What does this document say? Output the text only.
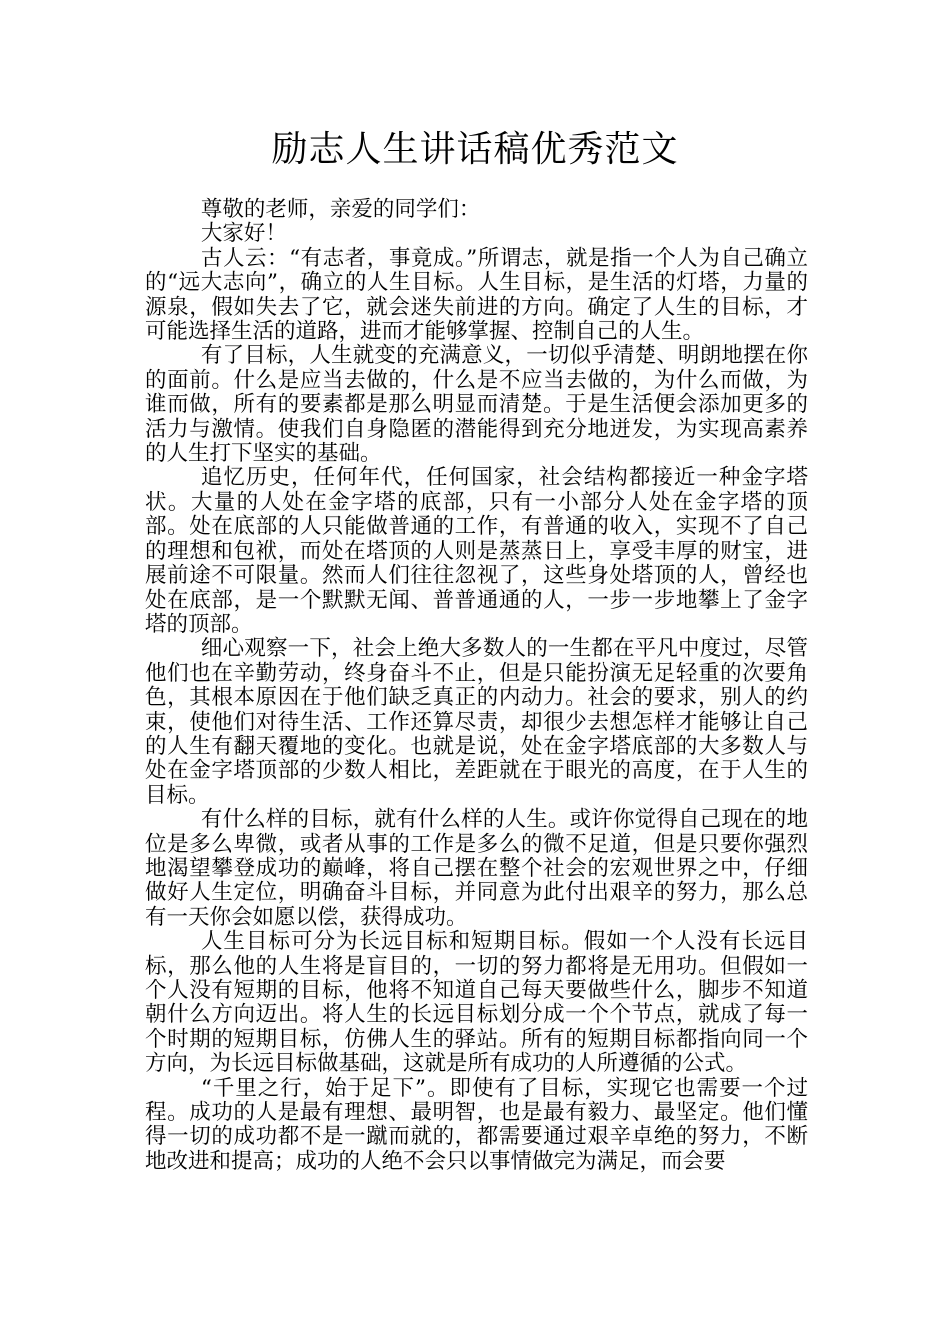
励志人生讲话稿优秀范文

尊敬的老师，亲爱的同学们：

大家好！

古人云：“有志者，事竟成。”所谓志，就是指一个人为自己确立的“远大志向”，确立的人生目标。人生目标，是生活的灯塔，力量的源泉，假如失去了它，就会迷失前进的方向。确定了人生的目标，才可能选择生活的道路，进而才能够掌握、控制自己的人生。

有了目标，人生就变的充满意义，一切似乎清楚、明朗地摆在你的面前。什么是应当去做的，什么是不应当去做的，为什么而做，为谁而做，所有的要素都是那么明显而清楚。于是生活便会添加更多的活力与激情。使我们自身隐匿的潜能得到充分地迸发，为实现高素养的人生打下坚实的基础。

追忆历史，任何年代，任何国家，社会结构都接近一种金字塔状。大量的人处在金字塔的底部，只有一小部分人处在金字塔的顶部。处在底部的人只能做普通的工作，有普通的收入，实现不了自己的理想和包袱，而处在塔顶的人则是蒸蒸日上，享受丰厚的财宝，进展前途不可限量。然而人们往往忽视了，这些身处塔顶的人，曾经也处在底部，是一个默默无闻、普普通通的人，一步一步地攀上了金字塔的顶部。

细心观察一下，社会上绝大多数人的一生都在平凡中度过，尽管他们也在辛勤劳动，终身奋斗不止，但是只能扮演无足轻重的次要角色，其根本原因在于他们缺乏真正的内动力。社会的要求，别人的约束，使他们对待生活、工作还算尽责，却很少去想怎样才能够让自己的人生有翻天覆地的变化。也就是说，处在金字塔底部的大多数人与处在金字塔顶部的少数人相比，差距就在于眼光的高度，在于人生的目标。

有什么样的目标，就有什么样的人生。或许你觉得自己现在的地位是多么卑微，或者从事的工作是多么的微不足道，但是只要你强烈地渴望攀登成功的巅峰，将自己摆在整个社会的宏观世界之中，仔细做好人生定位，明确奋斗目标，并同意为此付出艰辛的努力，那么总有一天你会如愿以偿，获得成功。

人生目标可分为长远目标和短期目标。假如一个人没有长远目标，那么他的人生将是盲目的，一切的努力都将是无用功。但假如一个人没有短期的目标，他将不知道自己每天要做些什么，脚步不知道朝什么方向迈出。将人生的长远目标划分成一个个节点，就成了每一个时期的短期目标，仿佛人生的驿站。所有的短期目标都指向同一个方向，为长远目标做基础，这就是所有成功的人所遵循的公式。

“千里之行，始于足下”。即使有了目标，实现它也需要一个过程。成功的人是最有理想、最明智，也是最有毅力、最坚定。他们懂得一切的成功都不是一蹴而就的，都需要通过艰辛卓绝的努力，不断地改进和提高；成功的人绝不会只以事情做完为满足，而会要
